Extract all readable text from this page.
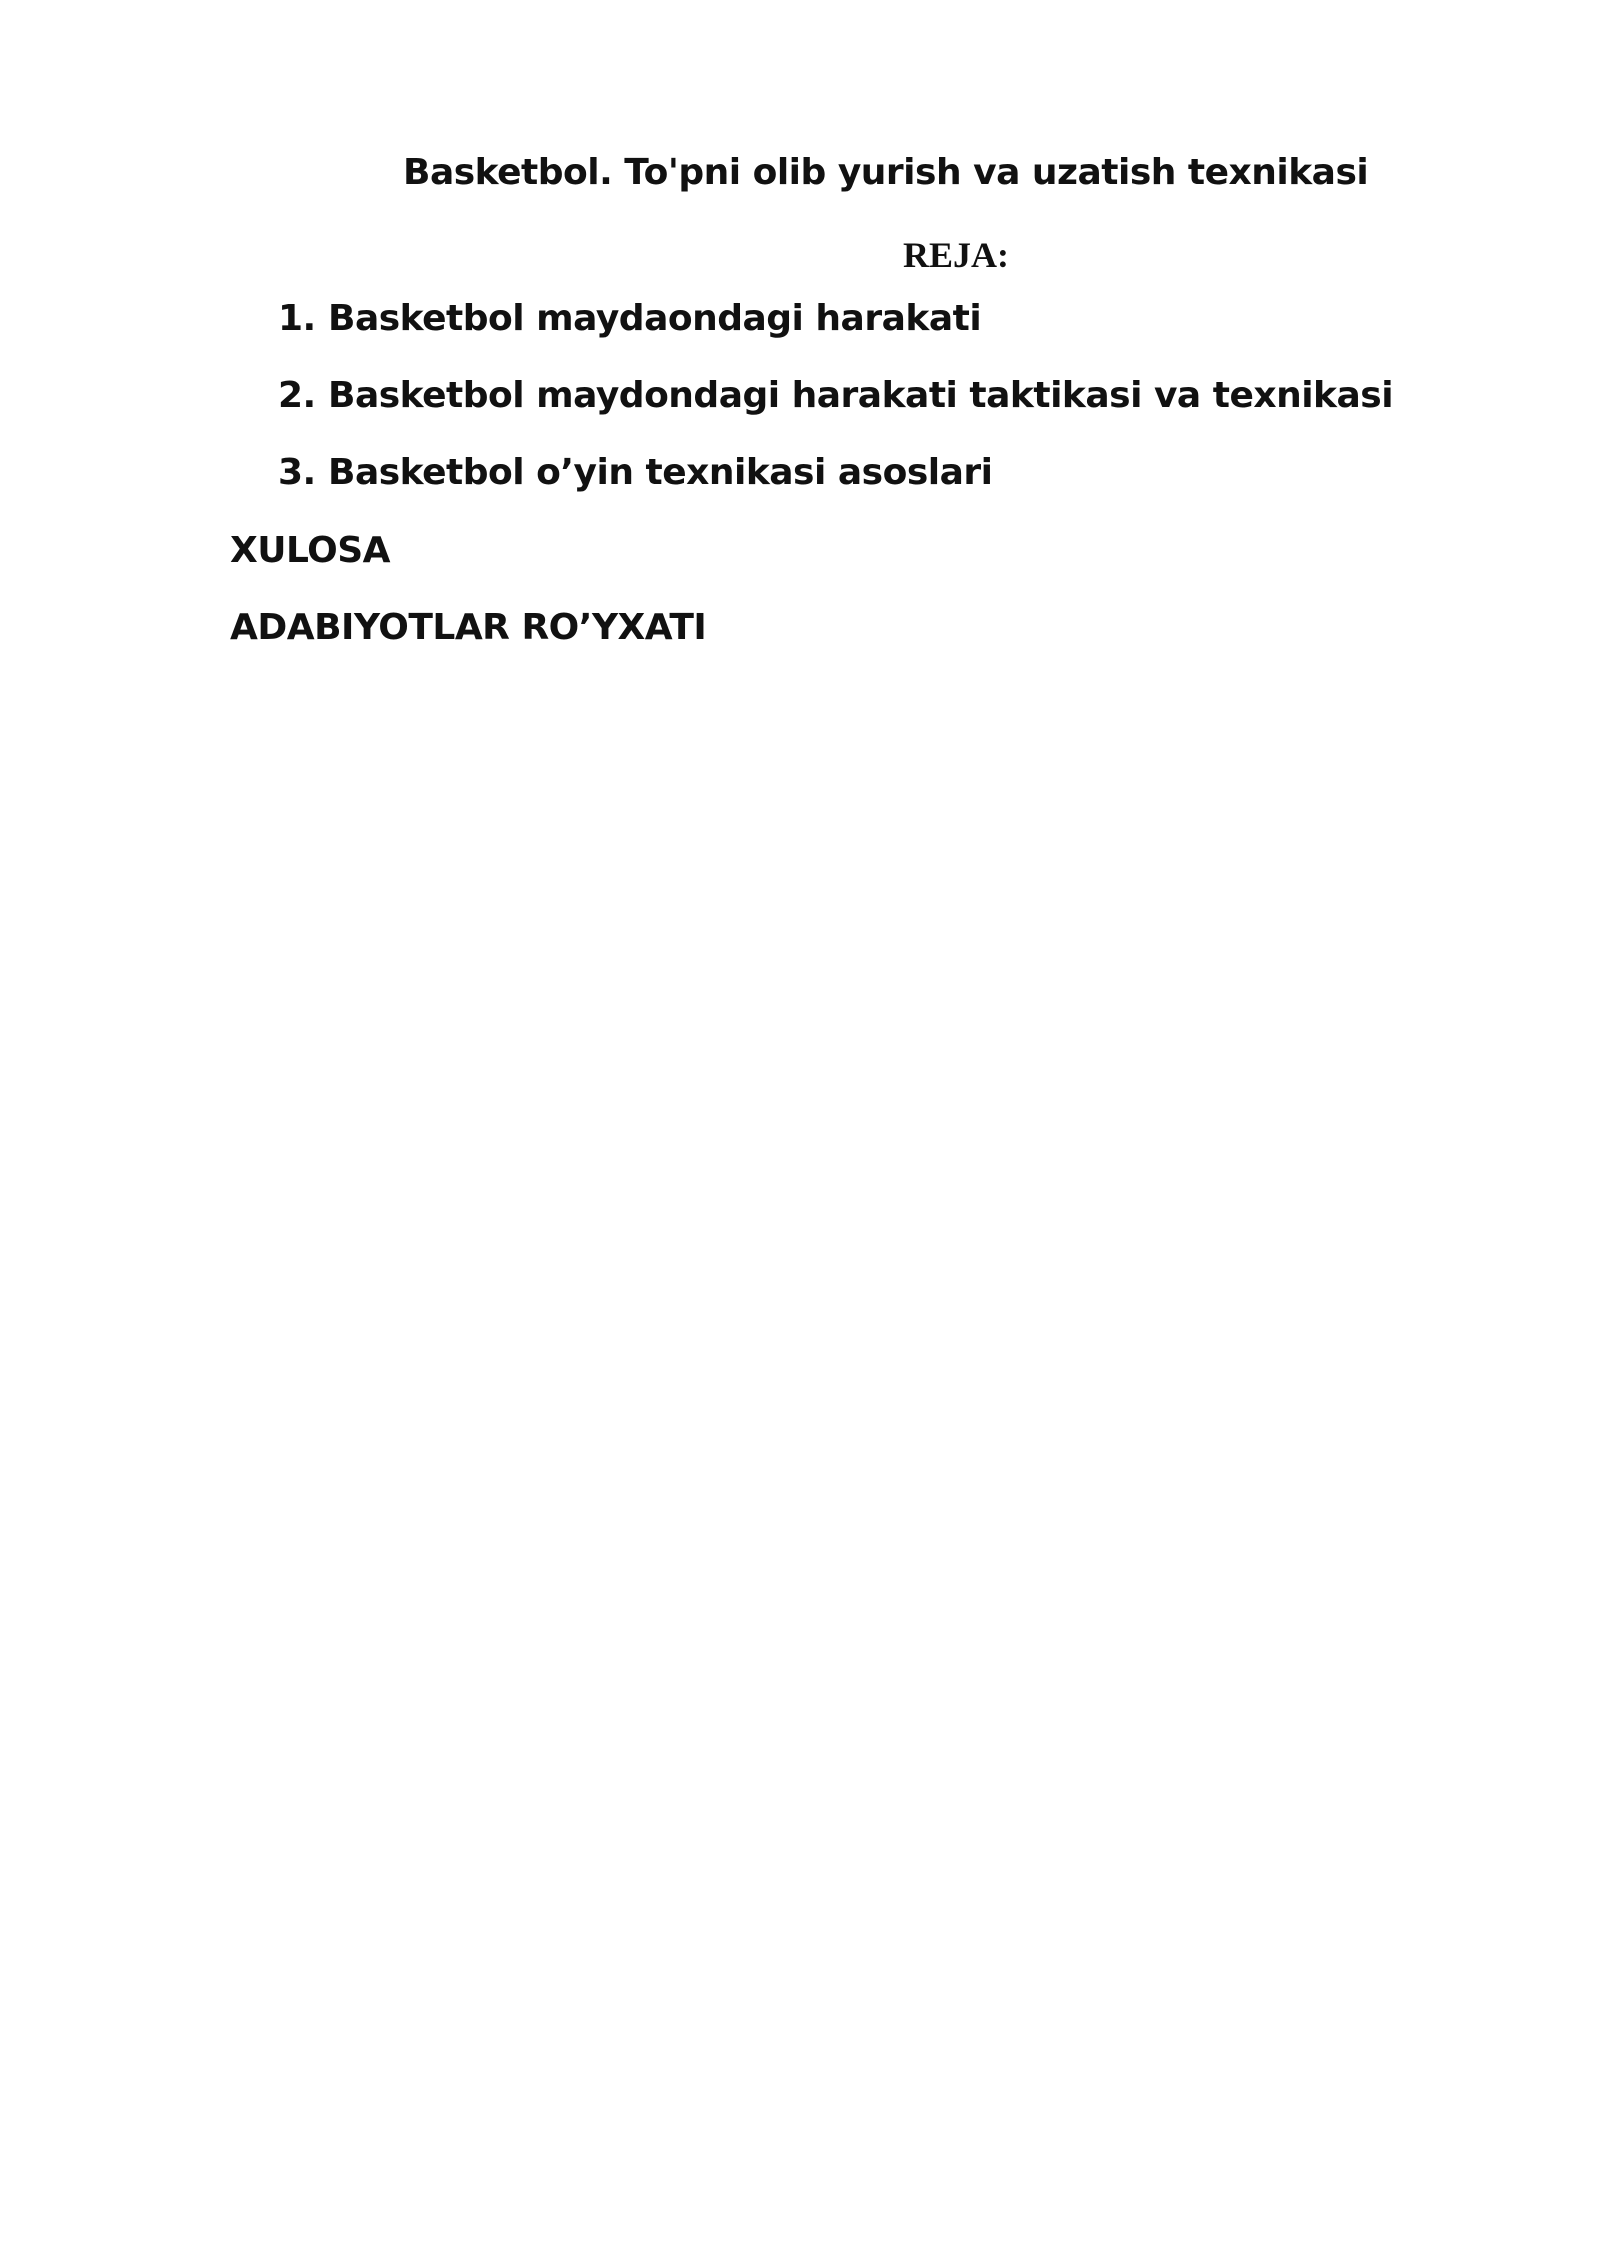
Basketbol. To'pni olib yurish va uzatish texnikasi
REJA:
1. Basketbol maydaondagi harakati
2. Basketbol maydondagi harakati taktikasi va texnikasi
3. Basketbol o’yin texnikasi asoslari
XULOSA
ADABIYOTLAR RO’YXATI
